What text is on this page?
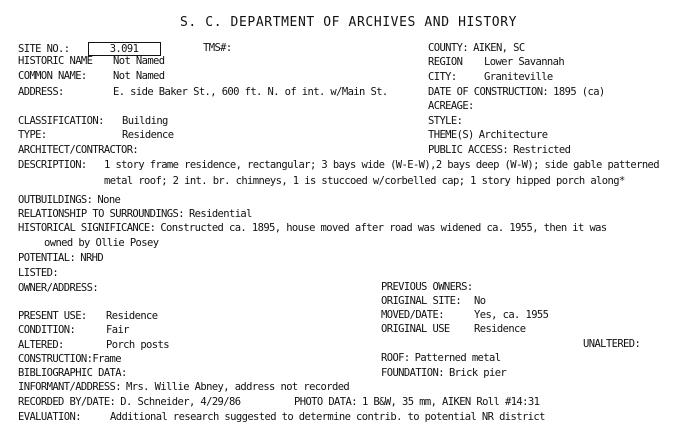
S. C. DEPARTMENT OF ARCHIVES AND HISTORY
SITE NO.:	3.091	TMS#:
HISTORIC NAME Not Named
COMMON NAME:	Not Named
ADDRESS:	E. side Baker St., 600 ft. N. of int. w/Main St.
CLASSIFICATION: Building
TYPE:	Residence
ARCHITECT/CONTRACTOR:
COUNTY: AIKEN, SC
REGION Lower Savannah
CITY:	Graniteville
DATE OF CONSTRUCTION: 1895 (ca)
ACREAGE:
STYLE:
THEME(S) Architecture
PUBLIC ACCESS: Restricted
DESCRIPTION: 1 story frame residence, rectangular; 3 bays wide (W-E-W),2 bays deep (W-W); side gable patterned
metal roof; 2 int. br. chimneys, 1 is stuccoed w/corbelled cap; 1 story hipped porch along*
OUTBUILDINGS: None
RELATIONSHIP TO SURROUNDINGS: Residential
HISTORICAL SIGNIFICANCE: Constructed ca. 1895, house moved after road was widened ca. 1955, then it was
owned by Ollie Posey
POTENTIAL: NRHD
LISTED:
OWNER/ADDRESS:	PREVIOUS OWNERS:
ORIGINAL SITE: No
MOVED/DATE:	Yes, ca. 1955
ORIGINAL USE Residence
PRESENT USE: Residence
CONDITION:	Fair
ALTERED:	Porch posts	UNALTERED:
CONSTRUCTION:Frame	ROOF: Patterned metal
BIBLIOGRAPHIC DATA:	FOUNDATION: Brick pier
INFORMANT/ADDRESS: Mrs. Willie Abney, address not recorded
RECORDED BY/DATE: D. Schneider, 4/29/86	PHOTO DATA: 1 B&W, 35 mm, AIKEN Roll #14:31
EVALUATION:	Additional research suggested to determine contrib. to potential NR district
